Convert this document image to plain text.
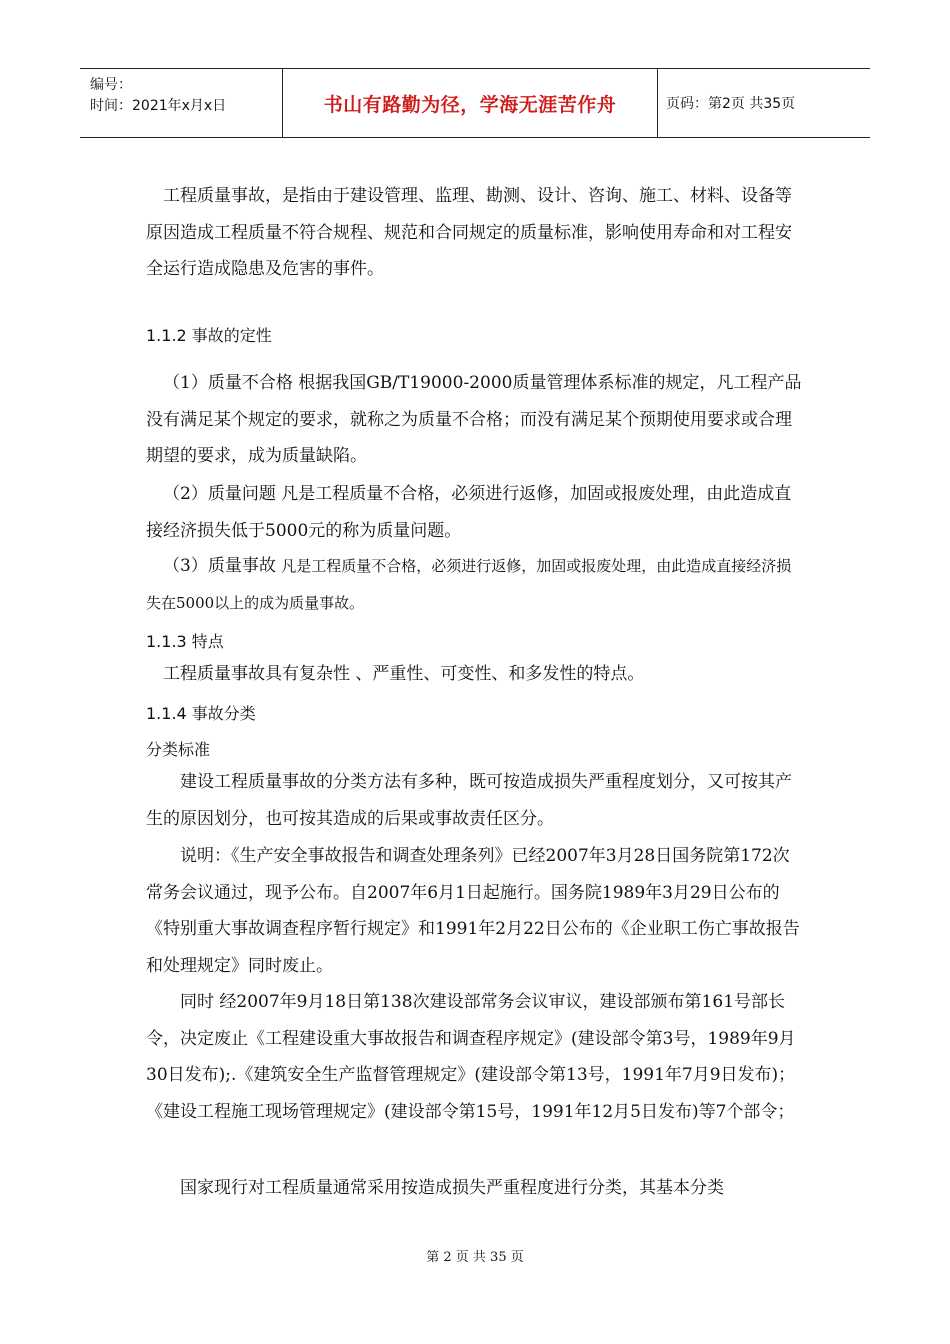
编号：
时间：2021年x月x日	书山有路勤为径，学海无涯苦作舟	页码：第2页 共35页

工程质量事故，是指由于建设管理、监理、勘测、设计、咨询、施工、材料、设备等原因造成工程质量不符合规程、规范和合同规定的质量标准，影响使用寿命和对工程安全运行造成隐患及危害的事件。

1.1.2 事故的定性

（1）质量不合格 根据我国GB/T19000-2000质量管理体系标准的规定，凡工程产品没有满足某个规定的要求，就称之为质量不合格；而没有满足某个预期使用要求或合理期望的要求，成为质量缺陷。

（2）质量问题 凡是工程质量不合格，必须进行返修，加固或报废处理，由此造成直接经济损失低于5000元的称为质量问题。

（3）质量事故 凡是工程质量不合格，必须进行返修，加固或报废处理，由此造成直接经济损失在5000以上的成为质量事故。

1.1.3 特点

工程质量事故具有复杂性 、严重性、可变性、和多发性的特点。

1.1.4 事故分类
分类标准

建设工程质量事故的分类方法有多种，既可按造成损失严重程度划分，又可按其产生的原因划分，也可按其造成的后果或事故责任区分。

说明：《生产安全事故报告和调查处理条列》已经2007年3月28日国务院第172次常务会议通过，现予公布。自2007年6月1日起施行。国务院1989年3月29日公布的《特别重大事故调查程序暂行规定》和1991年2月22日公布的《企业职工伤亡事故报告和处理规定》同时废止。

同时 经2007年9月18日第138次建设部常务会议审议，建设部颁布第161号部长令，决定废止《工程建设重大事故报告和调查程序规定》(建设部令第3号，1989年9月30日发布);.《建筑安全生产监督管理规定》(建设部令第13号，1991年7月9日发布)；《建设工程施工现场管理规定》(建设部令第15号，1991年12月5日发布)等7个部令；

国家现行对工程质量通常采用按造成损失严重程度进行分类，其基本分类

第 2 页 共 35 页
